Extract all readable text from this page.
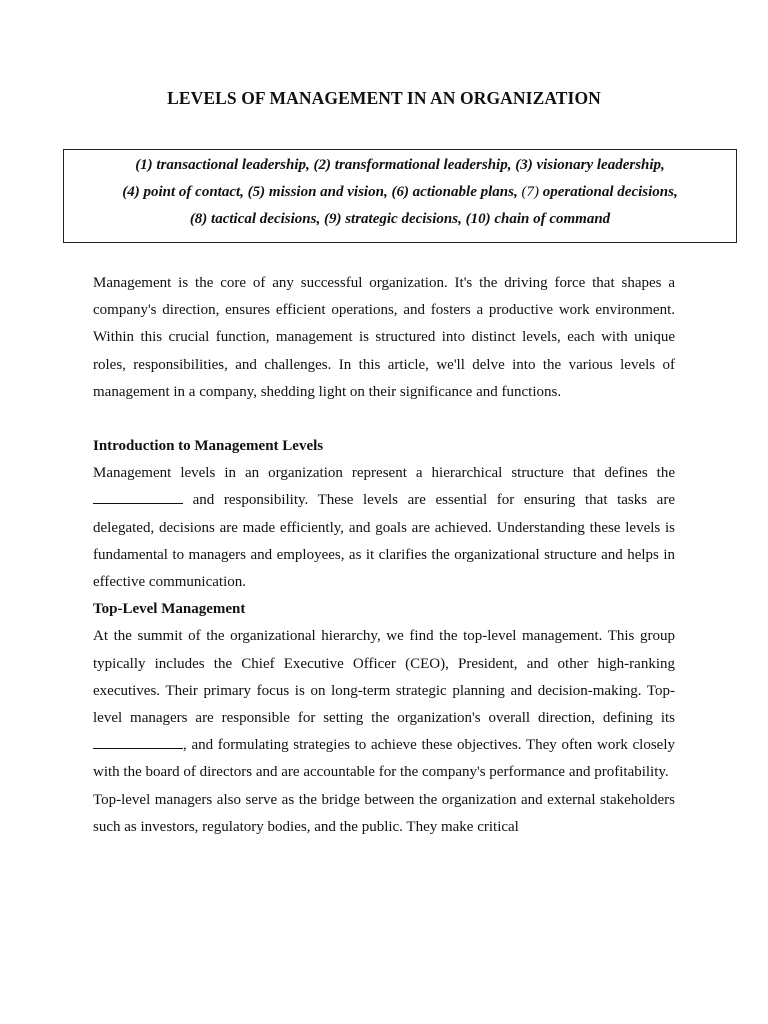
LEVELS OF MANAGEMENT IN AN ORGANIZATION
(1) transactional leadership, (2) transformational leadership, (3) visionary leadership,
(4) point of contact, (5) mission and vision, (6) actionable plans, (7) operational decisions,
(8) tactical decisions, (9) strategic decisions, (10) chain of command

Management is the core of any successful organization. It's the driving force that shapes a company's direction, ensures efficient operations, and fosters a productive work environment. Within this crucial function, management is structured into distinct levels, each with unique roles, responsibilities, and challenges. In this article, we'll delve into the various levels of management in a company, shedding light on their significance and functions.

Introduction to Management Levels

Management levels in an organization represent a hierarchical structure that defines the  and responsibility. These levels are essential for ensuring that tasks are delegated, decisions are made efficiently, and goals are achieved. Understanding these levels is fundamental to managers and employees, as it clarifies the organizational structure and helps in effective communication.

Top-Level Management

At the summit of the organizational hierarchy, we find the top-level management. This group typically includes the Chief Executive Officer (CEO), President, and other high-ranking executives. Their primary focus is on long-term strategic planning and decision-making. Top-level managers are responsible for setting the organization's overall direction, defining its , and formulating strategies to achieve these objectives. They often work closely with the board of directors and are accountable for the company's performance and profitability.

Top-level managers also serve as the bridge between the organization and external stakeholders such as investors, regulatory bodies, and the public. They make critical
